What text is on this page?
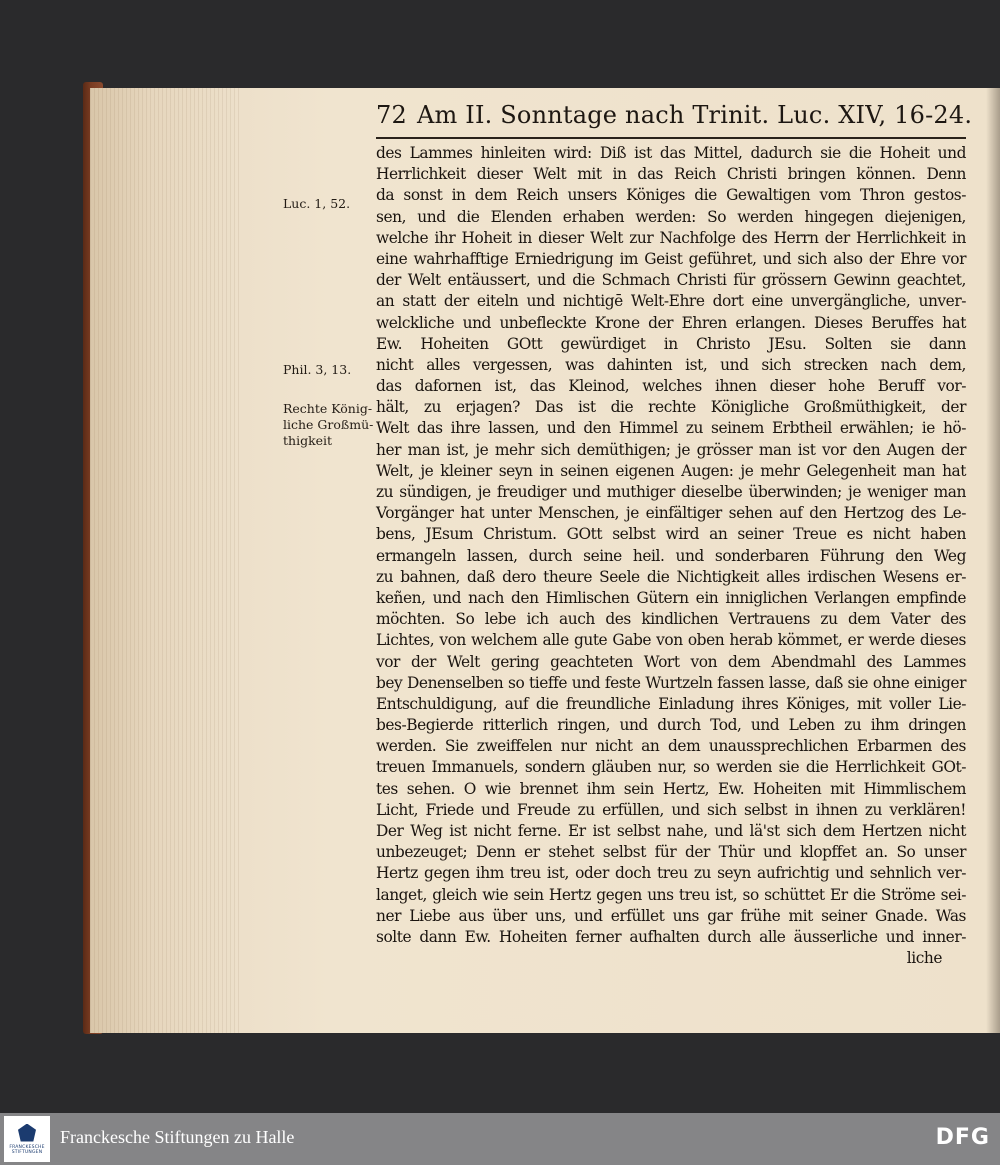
72 Am II. Sonntage nach Trinit. Luc. XIV, 16-24.
Luc. 1, 52.
Phil. 3, 13.
Rechte König-
liche Großmü-
thigkeit
des Lammes hinleiten wird: Diß ist das Mittel, dadurch sie die Hoheit und
Herrlichkeit dieser Welt mit in das Reich Christi bringen können. Denn
da sonst in dem Reich unsers Königes die Gewaltigen vom Thron gestos-
sen, und die Elenden erhaben werden: So werden hingegen diejenigen,
welche ihr Hoheit in dieser Welt zur Nachfolge des Herrn der Herrlichkeit in
eine wahrhafftige Erniedrigung im Geist geführet, und sich also der Ehre vor
der Welt entäussert, und die Schmach Christi für grössern Gewinn geachtet,
an statt der eiteln und nichtigē Welt-Ehre dort eine unvergängliche, unver-
welckliche und unbefleckte Krone der Ehren erlangen. Dieses Beruffes hat
Ew. Hoheiten GOtt gewürdiget in Christo JEsu. Solten sie dann
nicht alles vergessen, was dahinten ist, und sich strecken nach dem,
das dafornen ist, das Kleinod, welches ihnen dieser hohe Beruff vor-
hält, zu erjagen? Das ist die rechte Königliche Großmüthigkeit, der
Welt das ihre lassen, und den Himmel zu seinem Erbtheil erwählen; ie hö-
her man ist, je mehr sich demüthigen; je grösser man ist vor den Augen der
Welt, je kleiner seyn in seinen eigenen Augen: je mehr Gelegenheit man hat
zu sündigen, je freudiger und muthiger dieselbe überwinden; je weniger man
Vorgänger hat unter Menschen, je einfältiger sehen auf den Hertzog des Le-
bens, JEsum Christum. GOtt selbst wird an seiner Treue es nicht haben
ermangeln lassen, durch seine heil. und sonderbaren Führung den Weg
zu bahnen, daß dero theure Seele die Nichtigkeit alles irdischen Wesens er-
keñen, und nach den Himlischen Gütern ein inniglichen Verlangen empfinde
möchten. So lebe ich auch des kindlichen Vertrauens zu dem Vater des
Lichtes, von welchem alle gute Gabe von oben herab kömmet, er werde dieses
vor der Welt gering geachteten Wort von dem Abendmahl des Lammes
bey Denenselben so tieffe und feste Wurtzeln fassen lasse, daß sie ohne einiger
Entschuldigung, auf die freundliche Einladung ihres Königes, mit voller Lie-
bes-Begierde ritterlich ringen, und durch Tod, und Leben zu ihm dringen
werden. Sie zweiffelen nur nicht an dem unaussprechlichen Erbarmen des
treuen Immanuels, sondern gläuben nur, so werden sie die Herrlichkeit GOt-
tes sehen. O wie brennet ihm sein Hertz, Ew. Hoheiten mit Himmlischem
Licht, Friede und Freude zu erfüllen, und sich selbst in ihnen zu verklären!
Der Weg ist nicht ferne. Er ist selbst nahe, und lä'st sich dem Hertzen nicht
unbezeuget; Denn er stehet selbst für der Thür und klopffet an. So unser
Hertz gegen ihm treu ist, oder doch treu zu seyn aufrichtig und sehnlich ver-
langet, gleich wie sein Hertz gegen uns treu ist, so schüttet Er die Ströme sei-
ner Liebe aus über uns, und erfüllet uns gar frühe mit seiner Gnade. Was
solte dann Ew. Hoheiten ferner aufhalten durch alle äusserliche und inner-
liche
FRANCKESCHE STIFTUNGEN
Franckesche Stiftungen zu Halle	DFG
